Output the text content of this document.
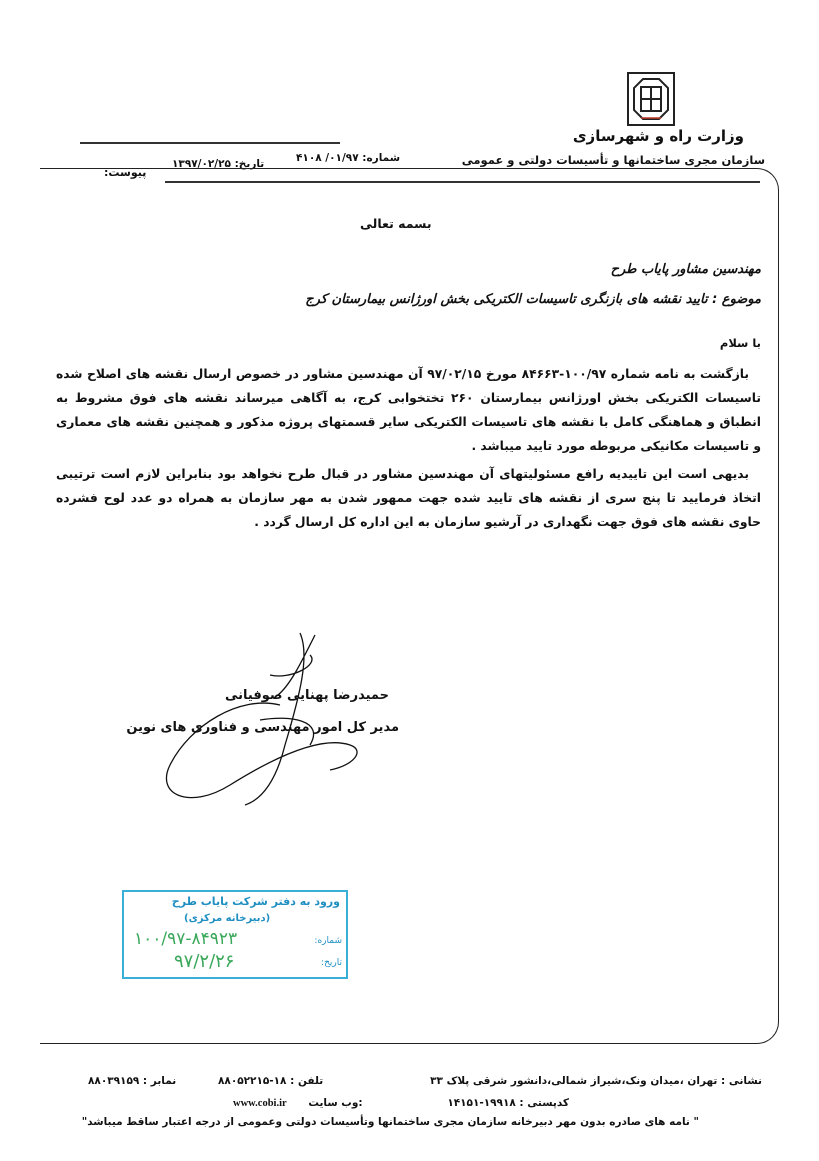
وزارت راه و شهرسازی
سازمان مجری ساختمانها و تأسیسات دولتی و عمومی
شماره: ۰۱/۹۷/ ۴۱۰۸
تاریخ: ۱۳۹۷/۰۲/۲۵
پیوست:
بسمه تعالی
مهندسین مشاور پایاب طرح
موضوع : تایید نقشه های بازنگری تاسیسات الکتریکی بخش اورژانس بیمارستان کرج
با سلام
بازگشت به نامه شماره ۱۰۰/۹۷-۸۴۶۶۳ مورخ ۹۷/۰۲/۱۵ آن مهندسین مشاور در خصوص ارسال نقشه های اصلاح شده تاسیسات الکتریکی بخش اورژانس بیمارستان ۲۶۰ تختخوابی کرج، به آگاهی میرساند نقشه های فوق مشروط به انطباق و هماهنگی کامل با نقشه های تاسیسات الکتریکی سایر قسمتهای پروژه مذکور و همچنین نقشه های معماری و تاسیسات مکانیکی مربوطه مورد تایید میباشد .
بدیهی است این تاییدیه رافع مسئولیتهای آن مهندسین مشاور در قبال طرح نخواهد بود بنابراین لازم است ترتیبی اتخاذ فرمایید تا پنج سری از نقشه های تایید شده جهت ممهور شدن به مهر سازمان به همراه دو عدد لوح فشرده حاوی نقشه های فوق جهت نگهداری در آرشیو سازمان به این اداره کل ارسال گردد .
حمیدرضا پهنایی صوفیانی
مدیر کل امور مهندسی و فناوری های نوین
ورود به دفتر شرکت پایاب طرح
(دبیرخانه مرکزی)
شماره:
۱۰۰/۹۷-۸۴۹۲۳
تاریخ:
۹۷/۲/۲۶
نشانی : تهران ،میدان ونک،شیراز شمالی،دانشور شرقی پلاک ۳۳
تلفن : ۱۸-۸۸۰۵۲۲۱۵
نمابر : ۸۸۰۳۹۱۵۹
کدپستی : ۱۹۹۱۸-۱۴۱۵۱
www.cobi.ir وب سایت:
" نامه های صادره بدون مهر دبیرخانه سازمان مجری ساختمانها وتأسیسات دولتی وعمومی از درجه اعتبار ساقط میباشد"
